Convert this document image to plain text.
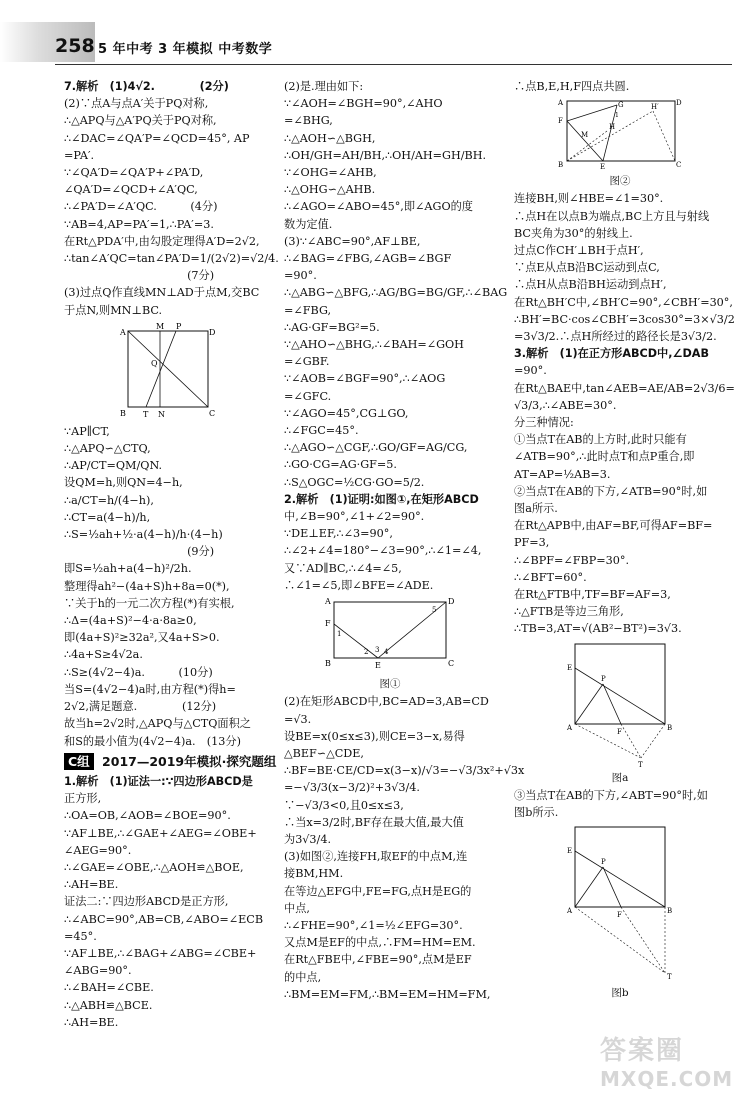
258 5 年中考 3 年模拟 中考数学

7.解析　(1)4√2.　　　　(2分)

(2)∵点A与点A′关于PQ对称,

∴△APQ与△A′PQ关于PQ对称,

∴∠DAC=∠QA′P=∠QCD=45°, AP

=PA′.

∵∠QA′D=∠QA′P+∠PA′D,

∠QA′D=∠QCD+∠A′QC,

∴∠PA′D=∠A′QC.　　　(4分)

∵AB=4,AP=PA′=1,∴PA′=3.

在Rt△PDA′中,由勾股定理得A′D=2√2,

∴tan∠A′QC=tan∠PA′D=1/(2√2)=√2/4.

　　　　　　　　　　　(7分)

(3)过点Q作直线MN⊥AD于点M,交BC

于点N,则MN⊥BC.

A
M P
Q
B T N	C
D

∵AP∥CT,

∴△APQ∽△CTQ,

∴AP/CT=QM/QN.

设QM=h,则QN=4−h,

∴a/CT=h/(4−h),

∴CT=a(4−h)/h,

∴S=½ah+½·a(4−h)/h·(4−h)

　　　　　　　　　　　(9分)

即S=½ah+a(4−h)²/2h.

整理得ah²−(4a+S)h+8a=0(*),

∵关于h的一元二次方程(*)有实根,

∴Δ=(4a+S)²−4·a·8a≥0,

即(4a+S)²≥32a²,又4a+S>0.

∴4a+S≥4√2a.

∴S≥(4√2−4)a.　　　(10分)

当S=(4√2−4)a时,由方程(*)得h=

2√2,满足题意.　　　　(12分)

故当h=2√2时,△APQ与△CTQ面积之

和S的最小值为(4√2−4)a.　(13分)

C组 2017—2019年模拟·探究题组

1.解析　(1)证法一:∵四边形ABCD是

正方形,

∴OA=OB,∠AOB=∠BOE=90°.

∵AF⊥BE,∴∠GAE+∠AEG=∠OBE+

∠AEG=90°.

∴∠GAE=∠OBE,∴△AOH≌△BOE,

∴AH=BE.

证法二:∵四边形ABCD是正方形,

∴∠ABC=90°,AB=CB,∠ABO=∠ECB

=45°.

∵AF⊥BE,∴∠BAG+∠ABG=∠CBE+

∠ABG=90°.

∴∠BAH=∠CBE.

∴△ABH≌△BCE.

∴AH=BE.

(2)是.理由如下:

∵∠AOH=∠BGH=90°,∠AHO

=∠BHG,

∴△AOH∽△BGH,

∴OH/GH=AH/BH,∴OH/AH=GH/BH.

∵∠OHG=∠AHB,

∴△OHG∽△AHB.

∴∠AGO=∠ABO=45°,即∠AGO的度

数为定值.

(3)∵∠ABC=90°,AF⊥BE,

∴∠BAG=∠FBG,∠AGB=∠BGF

=90°.

∴△ABG∽△BFG,∴AG/BG=BG/GF,∴∠BAG

=∠FBG,

∴AG·GF=BG²=5.

∵△AHO∽△BHG,∴∠BAH=∠GOH

=∠GBF.

∵∠AOB=∠BGF=90°,∴∠AOG

=∠GFC.

∵∠AGO=45°,CG⊥GO,

∴∠FGC=45°.

∴△AGO∽△CGF,∴GO/GF=AG/CG,

∴GO·CG=AG·GF=5.

∴S△OGC=½CG·GO=5/2.

2.解析　(1)证明:如图①,在矩形ABCD

中,∠B=90°,∠1+∠2=90°.

∵DE⊥EF,∴∠3=90°,

∴∠2+∠4=180°−∠3=90°,∴∠1=∠4,

又∵AD∥BC,∴∠4=∠5,

∴∠1=∠5,即∠BFE=∠ADE.

A	D
F
1
2 3 4
5
B	E	C

图①

(2)在矩形ABCD中,BC=AD=3,AB=CD

=√3.

设BE=x(0≤x≤3),则CE=3−x,易得

△BEF∽△CDE,

∴BF=BE·CE/CD=x(3−x)/√3=−√3/3x²+√3x

=−√3/3(x−3/2)²+3√3/4.

∵−√3/3<0,且0≤x≤3,

∴当x=3/2时,BF存在最大值,最大值

为3√3/4.

(3)如图②,连接FH,取EF的中点M,连

接BM,HM.

在等边△EFG中,FE=FG,点H是EG的

中点,

∴∠FHE=90°,∠1=½∠EFG=30°.

又点M是EF的中点,∴FM=HM=EM.

在Rt△FBE中,∠FBE=90°,点M是EF

的中点,

∴BM=EM=FM,∴BM=EM=HM=FM,

∴点B,E,H,F四点共圆.

A
F
G
H
H′
M
1
B	E	C
D

图②

连接BH,则∠HBE=∠1=30°.

∴点H在以点B为端点,BC上方且与射线

BC夹角为30°的射线上.

过点C作CH′⊥BH于点H′,

∵点E从点B沿BC运动到点C,

∴点H从点B沿BH运动到点H′,

在Rt△BH′C中,∠BH′C=90°,∠CBH′=30°,

∴BH′=BC·cos∠CBH′=3cos30°=3×√3/2

=3√3/2.∴点H所经过的路径长是3√3/2.

3.解析　(1)在正方形ABCD中,∠DAB

=90°.

在Rt△BAE中,tan∠AEB=AE/AB=2√3/6=

√3/3,∴∠ABE=30°.

分三种情况:

①当点T在AB的上方时,此时只能有

∠ATB=90°,∴此时点T和点P重合,即

AT=AP=½AB=3.

②当点T在AB的下方,∠ATB=90°时,如

图a所示.

在Rt△APB中,由AF=BF,可得AF=BF=

PF=3,

∴∠BPF=∠FBP=30°.

∴∠BFT=60°.

在Rt△FTB中,TF=BF=AF=3,

∴△FTB是等边三角形,

∴TB=3,AT=√(AB²−BT²)=3√3.

E
P
A	F	B
T

图a

③当点T在AB的下方,∠ABT=90°时,如

图b所示.

E
P
A	F	B
T

图b

答案圈
MXQE.COM
